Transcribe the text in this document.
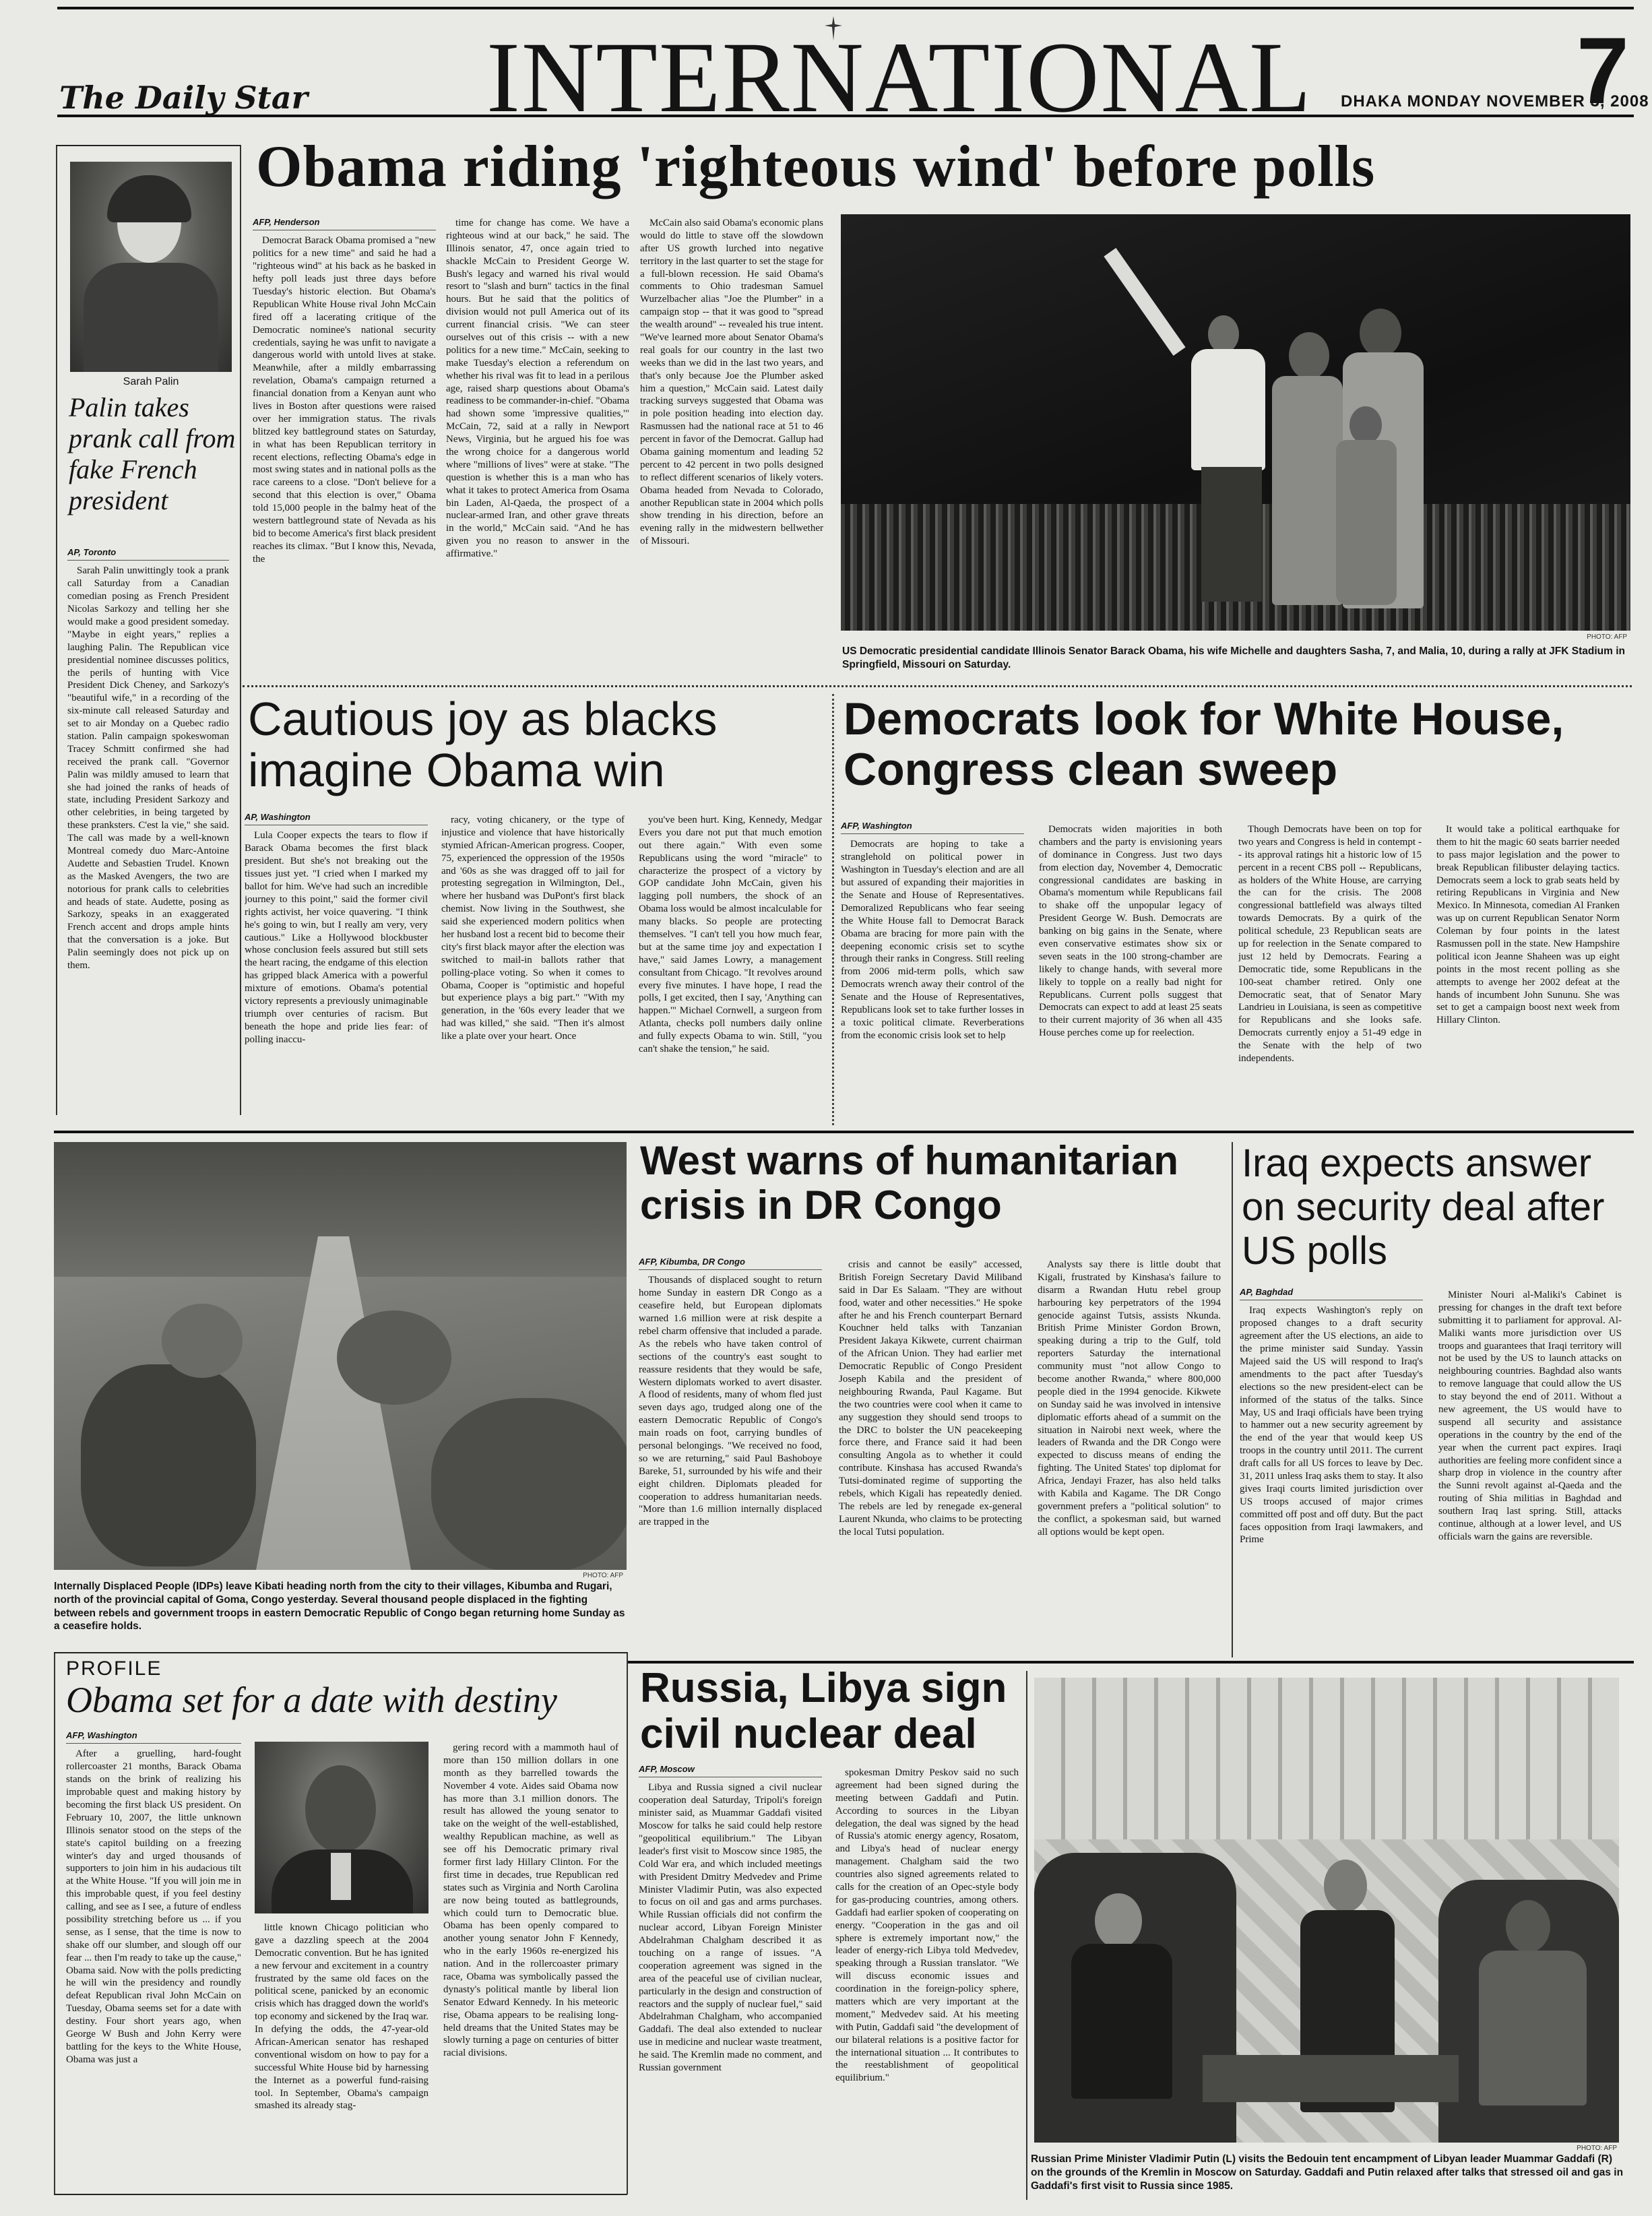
The Daily Star INTERNATIONAL DHAKA MONDAY NOVEMBER 3, 2008
7
Sarah Palin
Palin takes prank call from fake French president
AP, Toronto

Sarah Palin unwittingly took a prank call Saturday from a Canadian comedian posing as French President Nicolas Sarkozy and telling her she would make a good president someday. "Maybe in eight years," replies a laughing Palin. The Republican vice presidential nominee discusses politics, the perils of hunting with Vice President Dick Cheney, and Sarkozy's "beautiful wife," in a recording of the six-minute call released Saturday and set to air Monday on a Quebec radio station. Palin campaign spokeswoman Tracey Schmitt confirmed she had received the prank call. "Governor Palin was mildly amused to learn that she had joined the ranks of heads of state, including President Sarkozy and other celebrities, in being targeted by these pranksters. C'est la vie," she said. The call was made by a well-known Montreal comedy duo Marc-Antoine Audette and Sebastien Trudel. Known as the Masked Avengers, the two are notorious for prank calls to celebrities and heads of state. Audette, posing as Sarkozy, speaks in an exaggerated French accent and drops ample hints that the conversation is a joke. But Palin seemingly does not pick up on them.

Obama riding 'righteous wind' before polls
AFP, Henderson

Democrat Barack Obama promised a "new politics for a new time" and said he had a "righteous wind" at his back as he basked in hefty poll leads just three days before Tuesday's historic election. But Obama's Republican White House rival John McCain fired off a lacerating critique of the Democratic nominee's national security credentials, saying he was unfit to navigate a dangerous world with untold lives at stake. Meanwhile, after a mildly embarrassing revelation, Obama's campaign returned a financial donation from a Kenyan aunt who lives in Boston after questions were raised over her immigration status. The rivals blitzed key battleground states on Saturday, in what has been Republican territory in recent elections, reflecting Obama's edge in most swing states and in national polls as the race careens to a close. "Don't believe for a second that this election is over," Obama told 15,000 people in the balmy heat of the western battleground state of Nevada as his bid to become America's first black president reaches its climax. "But I know this, Nevada, the

time for change has come. We have a righteous wind at our back," he said. The Illinois senator, 47, once again tried to shackle McCain to President George W. Bush's legacy and warned his rival would resort to "slash and burn" tactics in the final hours. But he said that the politics of division would not pull America out of its current financial crisis. "We can steer ourselves out of this crisis -- with a new politics for a new time." McCain, seeking to make Tuesday's election a referendum on whether his rival was fit to lead in a perilous age, raised sharp questions about Obama's readiness to be commander-in-chief. "Obama had shown some 'impressive qualities,'" McCain, 72, said at a rally in Newport News, Virginia, but he argued his foe was the wrong choice for a dangerous world where "millions of lives" were at stake. "The question is whether this is a man who has what it takes to protect America from Osama bin Laden, Al-Qaeda, the prospect of a nuclear-armed Iran, and other grave threats in the world," McCain said. "And he has given you no reason to answer in the affirmative."

McCain also said Obama's economic plans would do little to stave off the slowdown after US growth lurched into negative territory in the last quarter to set the stage for a full-blown recession. He said Obama's comments to Ohio tradesman Samuel Wurzelbacher alias "Joe the Plumber" in a campaign stop -- that it was good to "spread the wealth around" -- revealed his true intent. "We've learned more about Senator Obama's real goals for our country in the last two weeks than we did in the last two years, and that's only because Joe the Plumber asked him a question," McCain said. Latest daily tracking surveys suggested that Obama was in pole position heading into election day. Rasmussen had the national race at 51 to 46 percent in favor of the Democrat. Gallup had Obama gaining momentum and leading 52 percent to 42 percent in two polls designed to reflect different scenarios of likely voters. Obama headed from Nevada to Colorado, another Republican state in 2004 which polls show trending in his direction, before an evening rally in the midwestern bellwether of Missouri.

PHOTO: AFP
US Democratic presidential candidate Illinois Senator Barack Obama, his wife Michelle and daughters Sasha, 7, and Malia, 10, during a rally at JFK Stadium in Springfield, Missouri on Saturday.
Cautious joy as blacks imagine Obama win
AP, Washington

Lula Cooper expects the tears to flow if Barack Obama becomes the first black president. But she's not breaking out the tissues just yet. "I cried when I marked my ballot for him. We've had such an incredible journey to this point," said the former civil rights activist, her voice quavering. "I think he's going to win, but I really am very, very cautious." Like a Hollywood blockbuster whose conclusion feels assured but still sets the heart racing, the endgame of this election has gripped black America with a powerful mixture of emotions. Obama's potential victory represents a previously unimaginable triumph over centuries of racism. But beneath the hope and pride lies fear: of polling inaccu-

racy, voting chicanery, or the type of injustice and violence that have historically stymied African-American progress. Cooper, 75, experienced the oppression of the 1950s and '60s as she was dragged off to jail for protesting segregation in Wilmington, Del., where her husband was DuPont's first black chemist. Now living in the Southwest, she said she experienced modern politics when her husband lost a recent bid to become their city's first black mayor after the election was switched to mail-in ballots rather that polling-place voting. So when it comes to Obama, Cooper is "optimistic and hopeful but experience plays a big part." "With my generation, in the '60s every leader that we had was killed," she said. "Then it's almost like a plate over your heart. Once

you've been hurt. King, Kennedy, Medgar Evers you dare not put that much emotion out there again." With even some Republicans using the word "miracle" to characterize the prospect of a victory by GOP candidate John McCain, given his lagging poll numbers, the shock of an Obama loss would be almost incalculable for many blacks. So people are protecting themselves. "I can't tell you how much fear, but at the same time joy and expectation I have," said James Lowry, a management consultant from Chicago. "It revolves around every five minutes. I have hope, I read the polls, I get excited, then I say, 'Anything can happen.'" Michael Cornwell, a surgeon from Atlanta, checks poll numbers daily online and fully expects Obama to win. Still, "you can't shake the tension," he said.

Democrats look for White House, Congress clean sweep
AFP, Washington

Democrats are hoping to take a stranglehold on political power in Washington in Tuesday's election and are all but assured of expanding their majorities in the Senate and House of Representatives. Demoralized Republicans who fear seeing the White House fall to Democrat Barack Obama are bracing for more pain with the deepening economic crisis set to scythe through their ranks in Congress. Still reeling from 2006 mid-term polls, which saw Democrats wrench away their control of the Senate and the House of Representatives, Republicans look set to take further losses in a toxic political climate. Reverberations from the economic crisis look set to help

Democrats widen majorities in both chambers and the party is envisioning years of dominance in Congress. Just two days from election day, November 4, Democratic congressional candidates are basking in Obama's momentum while Republicans fail to shake off the unpopular legacy of President George W. Bush. Democrats are banking on big gains in the Senate, where even conservative estimates show six or seven seats in the 100 strong-chamber are likely to change hands, with several more likely to topple on a really bad night for Republicans. Current polls suggest that Democrats can expect to add at least 25 seats to their current majority of 36 when all 435 House perches come up for reelection.

Though Democrats have been on top for two years and Congress is held in contempt -- its approval ratings hit a historic low of 15 percent in a recent CBS poll -- Republicans, as holders of the White House, are carrying the can for the crisis. The 2008 congressional battlefield was always tilted towards Democrats. By a quirk of the political schedule, 23 Republican seats are up for reelection in the Senate compared to just 12 held by Democrats. Fearing a Democratic tide, some Republicans in the 100-seat chamber retired. Only one Democratic seat, that of Senator Mary Landrieu in Louisiana, is seen as competitive for Republicans and she looks safe. Democrats currently enjoy a 51-49 edge in the Senate with the help of two independents.

It would take a political earthquake for them to hit the magic 60 seats barrier needed to pass major legislation and the power to break Republican filibuster delaying tactics. Democrats seem a lock to grab seats held by retiring Republicans in Virginia and New Mexico. In Minnesota, comedian Al Franken was up on current Republican Senator Norm Coleman by four points in the latest Rasmussen poll in the state. New Hampshire political icon Jeanne Shaheen was up eight points in the most recent polling as she attempts to avenge her 2002 defeat at the hands of incumbent John Sununu. She was set to get a campaign boost next week from Hillary Clinton.

PHOTO: AFP
Internally Displaced People (IDPs) leave Kibati heading north from the city to their villages, Kibumba and Rugari, north of the provincial capital of Goma, Congo yesterday. Several thousand people displaced in the fighting between rebels and government troops in eastern Democratic Republic of Congo began returning home Sunday as a ceasefire holds.
West warns of humanitarian crisis in DR Congo
AFP, Kibumba, DR Congo

Thousands of displaced sought to return home Sunday in eastern DR Congo as a ceasefire held, but European diplomats warned 1.6 million were at risk despite a rebel charm offensive that included a parade. As the rebels who have taken control of sections of the country's east sought to reassure residents that they would be safe, Western diplomats worked to avert disaster. A flood of residents, many of whom fled just seven days ago, trudged along one of the eastern Democratic Republic of Congo's main roads on foot, carrying bundles of personal belongings. "We received no food, so we are returning," said Paul Bashoboye Bareke, 51, surrounded by his wife and their eight children. Diplomats pleaded for cooperation to address humanitarian needs. "More than 1.6 million internally displaced are trapped in the

crisis and cannot be easily" accessed, British Foreign Secretary David Miliband said in Dar Es Salaam. "They are without food, water and other necessities." He spoke after he and his French counterpart Bernard Kouchner held talks with Tanzanian President Jakaya Kikwete, current chairman of the African Union. They had earlier met Democratic Republic of Congo President Joseph Kabila and the president of neighbouring Rwanda, Paul Kagame. But the two countries were cool when it came to any suggestion they should send troops to the DRC to bolster the UN peacekeeping force there, and France said it had been consulting Angola as to whether it could contribute. Kinshasa has accused Rwanda's Tutsi-dominated regime of supporting the rebels, which Kigali has repeatedly denied. The rebels are led by renegade ex-general Laurent Nkunda, who claims to be protecting the local Tutsi population.

Analysts say there is little doubt that Kigali, frustrated by Kinshasa's failure to disarm a Rwandan Hutu rebel group harbouring key perpetrators of the 1994 genocide against Tutsis, assists Nkunda. British Prime Minister Gordon Brown, speaking during a trip to the Gulf, told reporters Saturday the international community must "not allow Congo to become another Rwanda," where 800,000 people died in the 1994 genocide. Kikwete on Sunday said he was involved in intensive diplomatic efforts ahead of a summit on the situation in Nairobi next week, where the leaders of Rwanda and the DR Congo were expected to discuss means of ending the fighting. The United States' top diplomat for Africa, Jendayi Frazer, has also held talks with Kabila and Kagame. The DR Congo government prefers a "political solution" to the conflict, a spokesman said, but warned all options would be kept open.

Iraq expects answer on security deal after US polls
AP, Baghdad

Iraq expects Washington's reply on proposed changes to a draft security agreement after the US elections, an aide to the prime minister said Sunday. Yassin Majeed said the US will respond to Iraq's amendments to the pact after Tuesday's elections so the new president-elect can be informed of the status of the talks. Since May, US and Iraqi officials have been trying to hammer out a new security agreement by the end of the year that would keep US troops in the country until 2011. The current draft calls for all US forces to leave by Dec. 31, 2011 unless Iraq asks them to stay. It also gives Iraqi courts limited jurisdiction over US troops accused of major crimes committed off post and off duty. But the pact faces opposition from Iraqi lawmakers, and Prime

Minister Nouri al-Maliki's Cabinet is pressing for changes in the draft text before submitting it to parliament for approval. Al-Maliki wants more jurisdiction over US troops and guarantees that Iraqi territory will not be used by the US to launch attacks on neighbouring countries. Baghdad also wants to remove language that could allow the US to stay beyond the end of 2011. Without a new agreement, the US would have to suspend all security and assistance operations in the country by the end of the year when the current pact expires. Iraqi authorities are feeling more confident since a sharp drop in violence in the country after the Sunni revolt against al-Qaeda and the routing of Shia militias in Baghdad and southern Iraq last spring. Still, attacks continue, although at a lower level, and US officials warn the gains are reversible.

PROFILE
Obama set for a date with destiny
AFP, Washington

After a gruelling, hard-fought rollercoaster 21 months, Barack Obama stands on the brink of realizing his improbable quest and making history by becoming the first black US president. On February 10, 2007, the little unknown Illinois senator stood on the steps of the state's capitol building on a freezing winter's day and urged thousands of supporters to join him in his audacious tilt at the White House. "If you will join me in this improbable quest, if you feel destiny calling, and see as I see, a future of endless possibility stretching before us ... if you sense, as I sense, that the time is now to shake off our slumber, and slough off our fear ... then I'm ready to take up the cause," Obama said. Now with the polls predicting he will win the presidency and roundly defeat Republican rival John McCain on Tuesday, Obama seems set for a date with destiny. Four short years ago, when George W Bush and John Kerry were battling for the keys to the White House, Obama was just a

little known Chicago politician who gave a dazzling speech at the 2004 Democratic convention. But he has ignited a new fervour and excitement in a country frustrated by the same old faces on the political scene, panicked by an economic crisis which has dragged down the world's top economy and sickened by the Iraq war. In defying the odds, the 47-year-old African-American senator has reshaped conventional wisdom on how to pay for a successful White House bid by harnessing the Internet as a powerful fund-raising tool. In September, Obama's campaign smashed its already stag-

gering record with a mammoth haul of more than 150 million dollars in one month as they barrelled towards the November 4 vote. Aides said Obama now has more than 3.1 million donors. The result has allowed the young senator to take on the weight of the well-established, wealthy Republican machine, as well as see off his Democratic primary rival former first lady Hillary Clinton. For the first time in decades, true Republican red states such as Virginia and North Carolina are now being touted as battlegrounds, which could turn to Democratic blue. Obama has been openly compared to another young senator John F Kennedy, who in the early 1960s re-energized his nation. And in the rollercoaster primary race, Obama was symbolically passed the dynasty's political mantle by liberal lion Senator Edward Kennedy. In his meteoric rise, Obama appears to be realising long-held dreams that the United States may be slowly turning a page on centuries of bitter racial divisions.

Russia, Libya sign civil nuclear deal
AFP, Moscow

Libya and Russia signed a civil nuclear cooperation deal Saturday, Tripoli's foreign minister said, as Muammar Gaddafi visited Moscow for talks he said could help restore "geopolitical equilibrium." The Libyan leader's first visit to Moscow since 1985, the Cold War era, and which included meetings with President Dmitry Medvedev and Prime Minister Vladimir Putin, was also expected to focus on oil and gas and arms purchases. While Russian officials did not confirm the nuclear accord, Libyan Foreign Minister Abdelrahman Chalgham described it as touching on a range of issues. "A cooperation agreement was signed in the area of the peaceful use of civilian nuclear, particularly in the design and construction of reactors and the supply of nuclear fuel," said Abdelrahman Chalgham, who accompanied Gaddafi. The deal also extended to nuclear use in medicine and nuclear waste treatment, he said. The Kremlin made no comment, and Russian government

spokesman Dmitry Peskov said no such agreement had been signed during the meeting between Gaddafi and Putin. According to sources in the Libyan delegation, the deal was signed by the head of Russia's atomic energy agency, Rosatom, and Libya's head of nuclear energy management. Chalgham said the two countries also signed agreements related to calls for the creation of an Opec-style body for gas-producing countries, among others. Gaddafi had earlier spoken of cooperating on energy. "Cooperation in the gas and oil sphere is extremely important now," the leader of energy-rich Libya told Medvedev, speaking through a Russian translator. "We will discuss economic issues and coordination in the foreign-policy sphere, matters which are very important at the moment," Medvedev said. At his meeting with Putin, Gaddafi said "the development of our bilateral relations is a positive factor for the international situation ... It contributes to the reestablishment of geopolitical equilibrium."

PHOTO: AFP
Russian Prime Minister Vladimir Putin (L) visits the Bedouin tent encampment of Libyan leader Muammar Gaddafi (R) on the grounds of the Kremlin in Moscow on Saturday. Gaddafi and Putin relaxed after talks that stressed oil and gas in Gaddafi's first visit to Russia since 1985.
